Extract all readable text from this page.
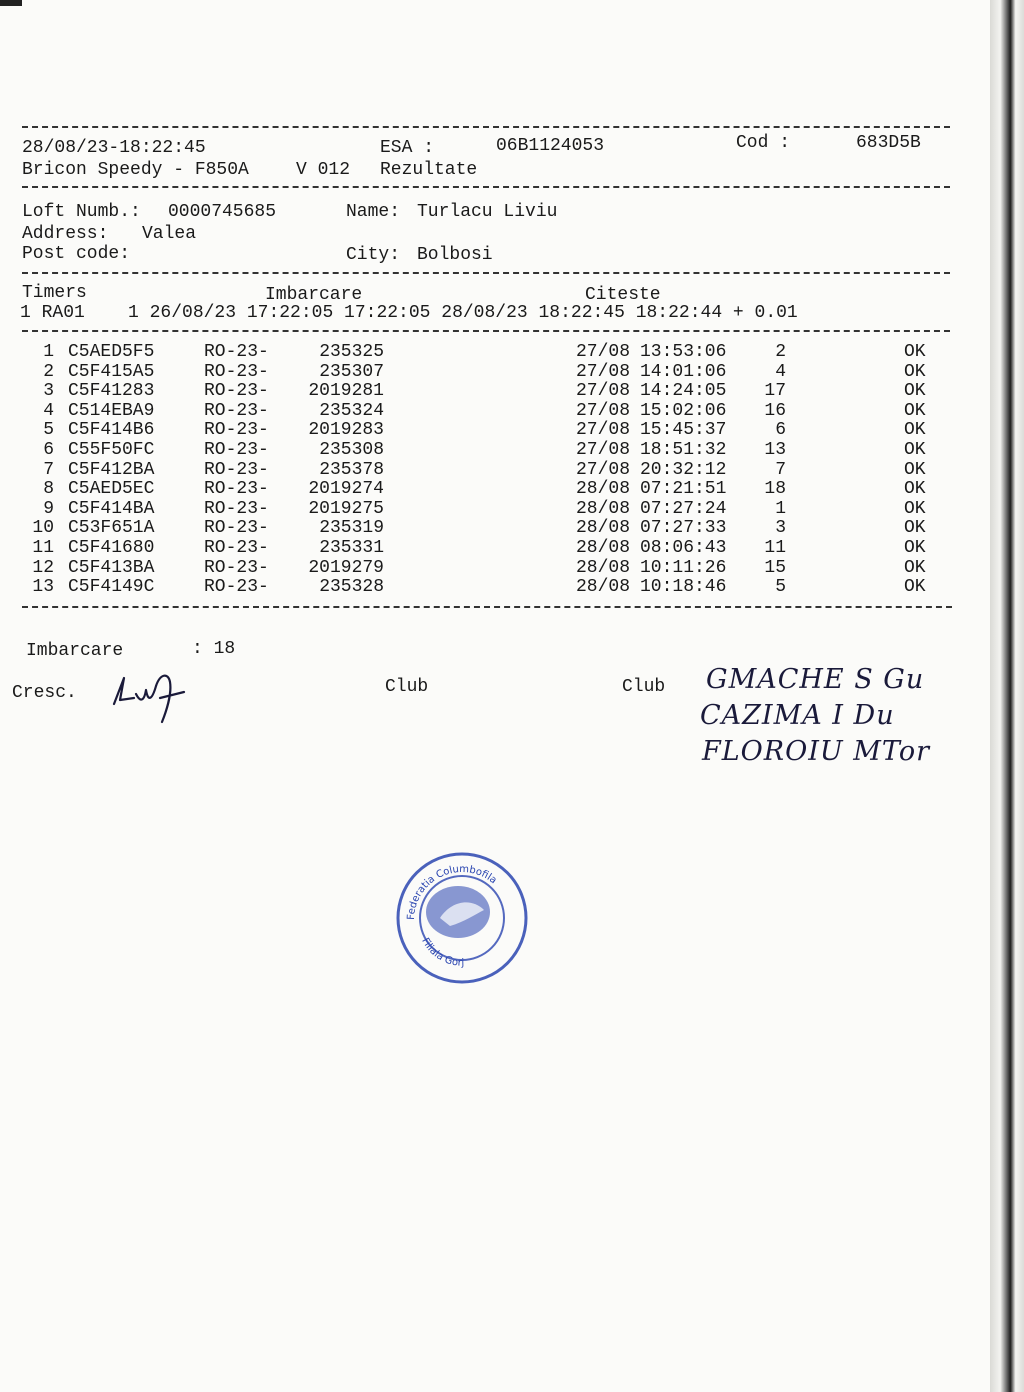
28/08/23-18:22:45	ESA :	06B1124053	Cod :	683D5B
Bricon Speedy - F850A	V 012 Rezultate
Loft Numb.: 0000745685	Name: Turlacu Liviu
Address: Valea
Post code:	City: Bolbosi
Timers	Imbarcare	Citeste
1 RA01    1 26/08/23 17:22:05 17:22:05 28/08/23 18:22:45 18:22:44 + 0.01
1 C5AED5F5	RO-23-	235325	27/08 13:53:06	2	OK
2 C5F415A5	RO-23-	235307	27/08 14:01:06	4	OK
3 C5F41283	RO-23-	2019281	27/08 14:24:05	17	OK
4 C514EBA9	RO-23-	235324	27/08 15:02:06	16	OK
5 C5F414B6	RO-23-	2019283	27/08 15:45:37	6	OK
6 C55F50FC	RO-23-	235308	27/08 18:51:32	13	OK
7 C5F412BA	RO-23-	235378	27/08 20:32:12	7	OK
8 C5AED5EC	RO-23-	2019274	28/08 07:21:51	18	OK
9 C5F414BA	RO-23-	2019275	28/08 07:27:24	1	OK
10 C53F651A	RO-23-	235319	28/08 07:27:33	3	OK
11 C5F41680	RO-23-	235331	28/08 08:06:43	11	OK
12 C5F413BA	RO-23-	2019279	28/08 10:11:26	15	OK
13 C5F4149C	RO-23-	235328	28/08 10:18:46	5	OK
Imbarcare	: 18
Cresc.	Club	Club GMACHE S Gu
CAZIMA I Du
FLOROIU MTor
Federatia Columbofila
Filiala Gorj
